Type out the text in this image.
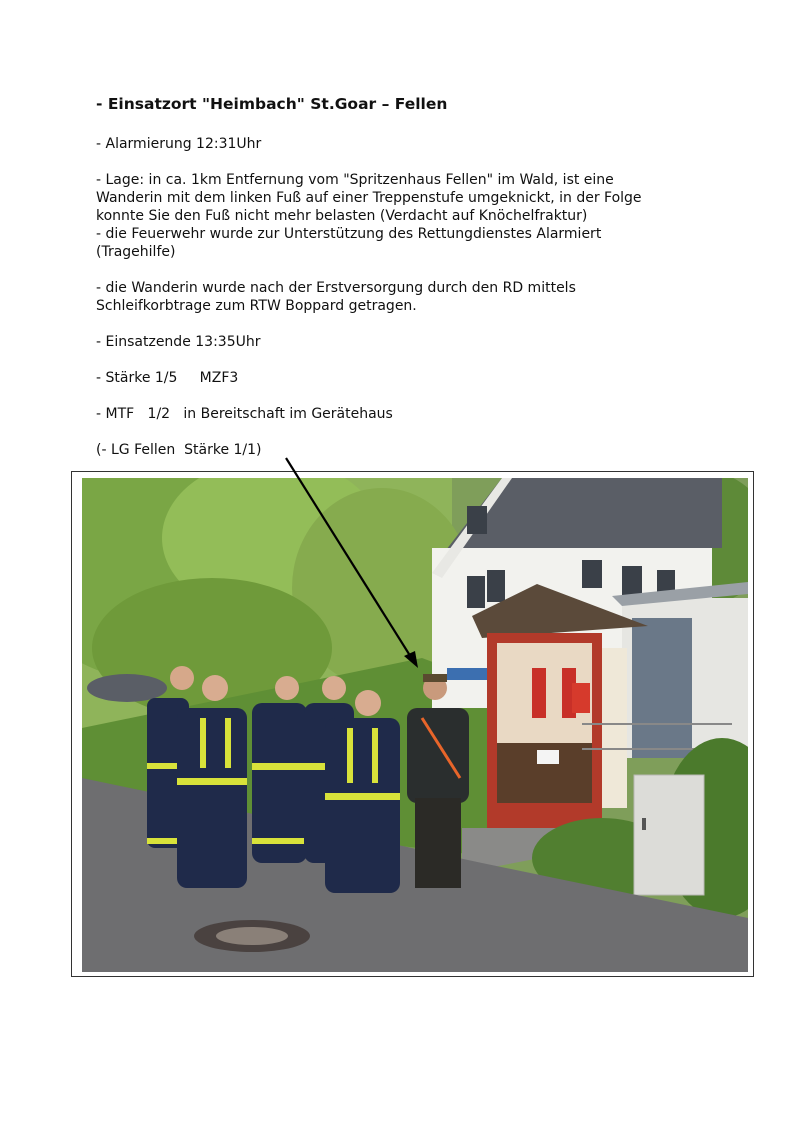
- Einsatzort "Heimbach" St.Goar – Fellen
- Alarmierung 12:31Uhr
- Lage: in ca. 1km Entfernung vom "Spritzenhaus Fellen" im Wald, ist eine
Wanderin mit dem linken Fuß auf einer Treppenstufe umgeknickt, in der Folge
konnte Sie den Fuß nicht mehr belasten (Verdacht auf Knöchelfraktur)
- die Feuerwehr wurde zur Unterstützung des Rettungdienstes Alarmiert
(Tragehilfe)
- die Wanderin wurde nach der Erstversorgung durch den RD mittels
Schleifkorbtrage zum RTW Boppard getragen.
- Einsatzende 13:35Uhr
- Stärke 1/5     MZF3
- MTF   1/2   in Bereitschaft im Gerätehaus
(- LG Fellen  Stärke 1/1)
